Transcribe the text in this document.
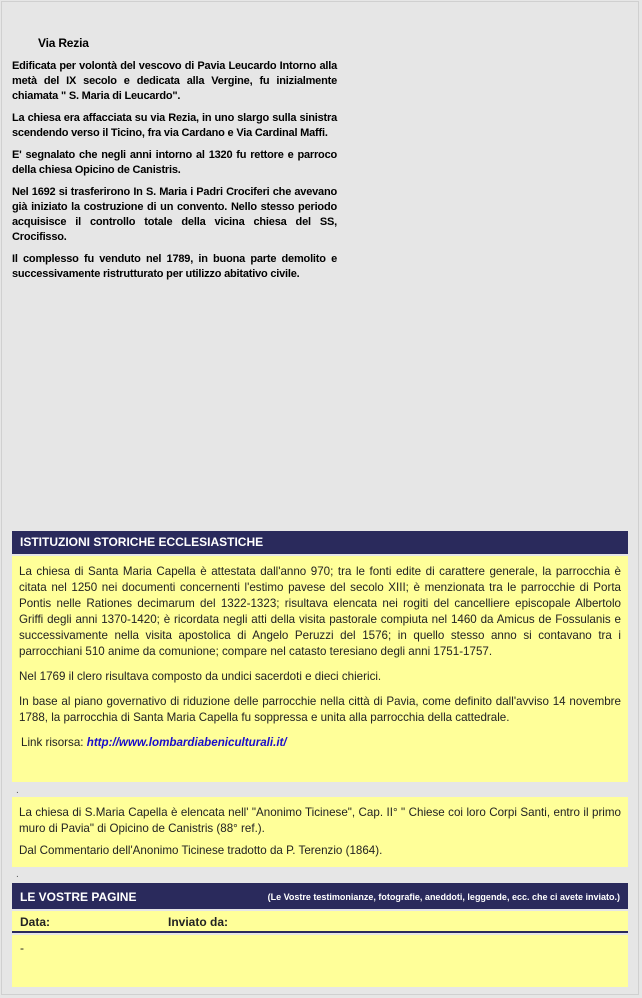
Via Rezia

Edificata per volontà del vescovo di Pavia Leucardo Intorno alla metà del IX secolo e dedicata alla Vergine, fu inizialmente chiamata " S. Maria di Leucardo".

La chiesa era affacciata su via Rezia, in uno slargo sulla sinistra scendendo verso il Ticino, fra via Cardano e Via Cardinal Maffi.

E' segnalato che negli anni intorno al 1320 fu rettore e parroco della chiesa Opicino de Canistris.

Nel 1692 si trasferirono In S. Maria i Padri Crociferi che avevano già iniziato la costruzione di un convento. Nello stesso periodo acquisisce il controllo totale della vicina chiesa del SS, Crocifisso.

Il complesso fu venduto nel 1789, in buona parte demolito e successivamente ristrutturato per utilizzo abitativo civile.

ISTITUZIONI STORICHE ECCLESIASTICHE

La chiesa di Santa Maria Capella è attestata dall'anno 970; tra le fonti edite di carattere generale, la parrocchia è citata nel 1250 nei documenti concernenti l'estimo pavese del secolo XIII; è menzionata tra le parrocchie di Porta Pontis nelle Rationes decimarum del 1322-1323; risultava elencata nei rogiti del cancelliere episcopale Albertolo Griffi degli anni 1370-1420; è ricordata negli atti della visita pastorale compiuta nel 1460 da Amicus de Fossulanis e successivamente nella visita apostolica di Angelo Peruzzi del 1576; in quello stesso anno si contavano tra i parrocchiani 510 anime da comunione; compare nel catasto teresiano degli anni 1751-1757.

Nel 1769 il clero risultava composto da undici sacerdoti e dieci chierici.

In base al piano governativo di riduzione delle parrocchie nella città di Pavia, come definito dall'avviso 14 novembre 1788, la parrocchia di Santa Maria Capella fu soppressa e unita alla parrocchia della cattedrale.

Link risorsa: http://www.lombardiabeniculturali.it/

.

La chiesa di S.Maria Capella è elencata nell' "Anonimo Ticinese", Cap. II° " Chiese coi loro Corpi Santi, entro il primo muro di Pavia" di Opicino de Canistris (88° ref.).

Dal Commentario dell'Anonimo Ticinese tradotto da P. Terenzio (1864).

.
LE VOSTRE PAGINE	(Le Vostre testimonianze, fotografie, aneddoti, leggende, ecc. che ci avete inviato.)
Data:	Inviato da:
-
